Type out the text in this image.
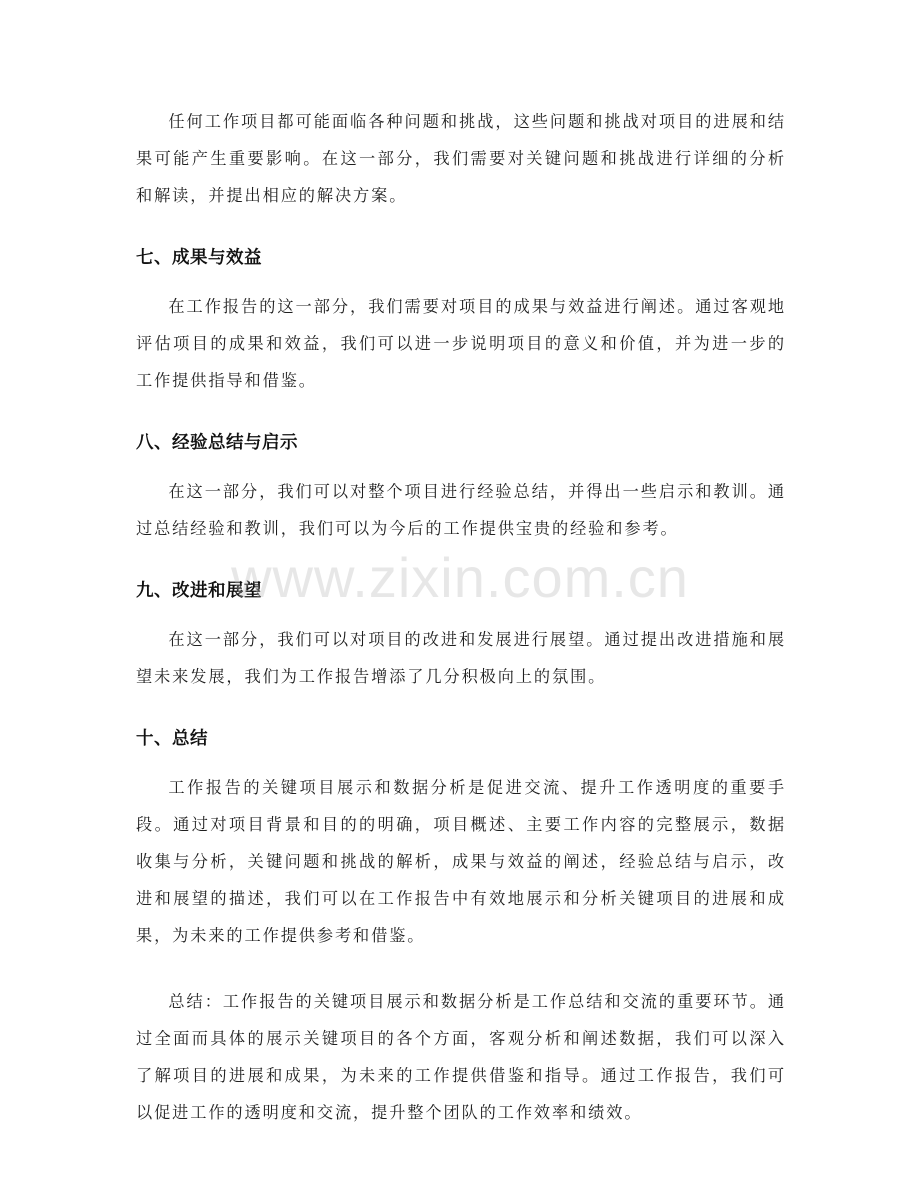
任何工作项目都可能面临各种问题和挑战，这些问题和挑战对项目的进展和结果可能产生重要影响。在这一部分，我们需要对关键问题和挑战进行详细的分析和解读，并提出相应的解决方案。

七、成果与效益

在工作报告的这一部分，我们需要对项目的成果与效益进行阐述。通过客观地评估项目的成果和效益，我们可以进一步说明项目的意义和价值，并为进一步的工作提供指导和借鉴。

八、经验总结与启示

在这一部分，我们可以对整个项目进行经验总结，并得出一些启示和教训。通过总结经验和教训，我们可以为今后的工作提供宝贵的经验和参考。

九、改进和展望

在这一部分，我们可以对项目的改进和发展进行展望。通过提出改进措施和展望未来发展，我们为工作报告增添了几分积极向上的氛围。

十、总结

工作报告的关键项目展示和数据分析是促进交流、提升工作透明度的重要手段。通过对项目背景和目的的明确，项目概述、主要工作内容的完整展示，数据收集与分析，关键问题和挑战的解析，成果与效益的阐述，经验总结与启示，改进和展望的描述，我们可以在工作报告中有效地展示和分析关键项目的进展和成果，为未来的工作提供参考和借鉴。

总结：工作报告的关键项目展示和数据分析是工作总结和交流的重要环节。通过全面而具体的展示关键项目的各个方面，客观分析和阐述数据，我们可以深入了解项目的进展和成果，为未来的工作提供借鉴和指导。通过工作报告，我们可以促进工作的透明度和交流，提升整个团队的工作效率和绩效。

www.zixin.com.cn
